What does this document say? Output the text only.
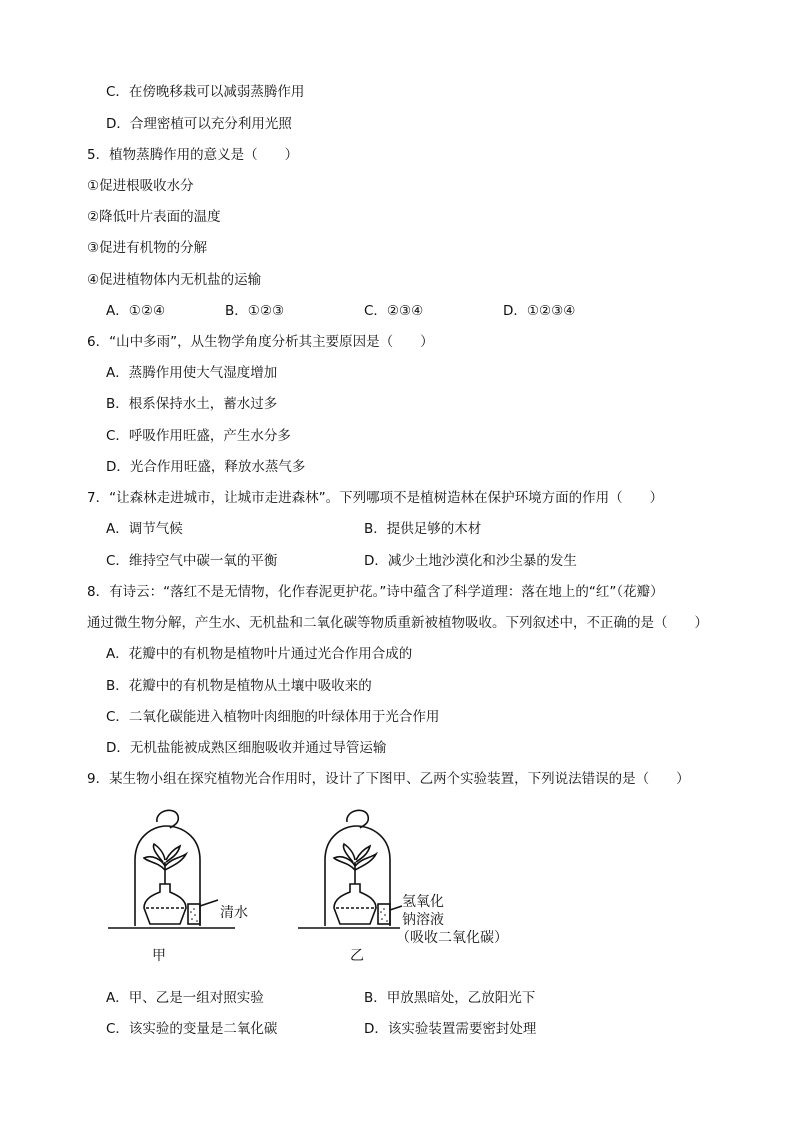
C．在傍晚移栽可以减弱蒸腾作用
D．合理密植可以充分利用光照
5．植物蒸腾作用的意义是（　　）
①促进根吸收水分
②降低叶片表面的温度
③促进有机物的分解
④促进植物体内无机盐的运输
A．①②④	B．①②③	C．②③④	D．①②③④
6．“山中多雨”，从生物学角度分析其主要原因是（　　）
A．蒸腾作用使大气湿度增加
B．根系保持水土，蓄水过多
C．呼吸作用旺盛，产生水分多
D．光合作用旺盛，释放水蒸气多
7．“让森林走进城市，让城市走进森林”。下列哪项不是植树造林在保护环境方面的作用（　　）
A．调节气候	B．提供足够的木材
C．维持空气中碳一氧的平衡	D．减少土地沙漠化和沙尘暴的发生
8．有诗云：“落红不是无情物，化作春泥更护花。”诗中蕴含了科学道理：落在地上的“红”（花瓣）
通过微生物分解，产生水、无机盐和二氧化碳等物质重新被植物吸收。下列叙述中，不正确的是（　　）
A．花瓣中的有机物是植物叶片通过光合作用合成的
B．花瓣中的有机物是植物从土壤中吸收来的
C．二氧化碳能进入植物叶肉细胞的叶绿体用于光合作用
D．无机盐能被成熟区细胞吸收并通过导管运输
9．某生物小组在探究植物光合作用时，设计了下图甲、乙两个实验装置，下列说法错误的是（　　）
清水
甲
氢氧化
钠溶液
（吸收二氧化碳）
乙
A．甲、乙是一组对照实验	B．甲放黑暗处，乙放阳光下
C．该实验的变量是二氧化碳	D．该实验装置需要密封处理
